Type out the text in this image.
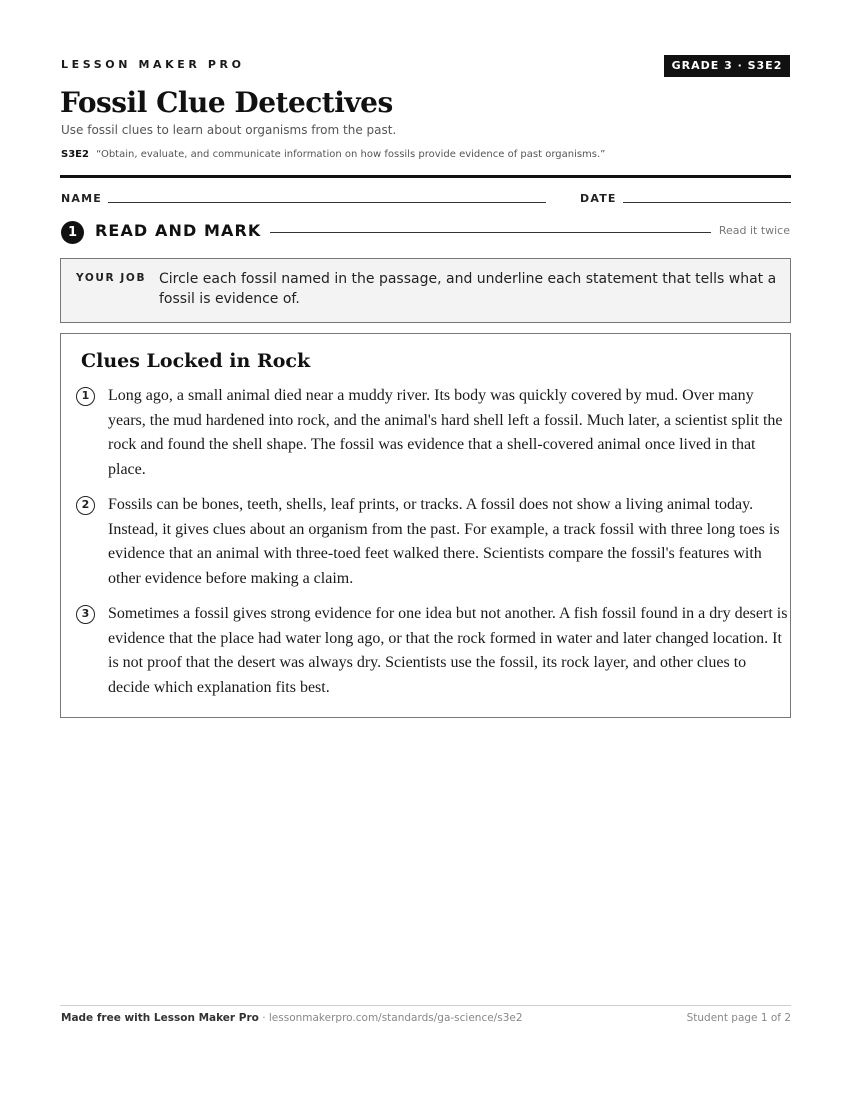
LESSON MAKER PRO	GRADE 3 · S3E2
Fossil Clue Detectives
Use fossil clues to learn about organisms from the past.
S3E2 “Obtain, evaluate, and communicate information on how fossils provide evidence of past organisms.”
NAME	DATE
1	READ AND MARK	Read it twice
YOUR JOB Circle each fossil named in the passage, and underline each statement that tells what a fossil is evidence of.
Clues Locked in Rock
1	Long ago, a small animal died near a muddy river. Its body was quickly covered by mud. Over many years, the mud hardened into rock, and the animal's hard shell left a fossil. Much later, a scientist split the rock and found the shell shape. The fossil was evidence that a shell-covered animal once lived in that place.

2	Fossils can be bones, teeth, shells, leaf prints, or tracks. A fossil does not show a living animal today. Instead, it gives clues about an organism from the past. For example, a track fossil with three long toes is evidence that an animal with three-toed feet walked there. Scientists compare the fossil's features with other evidence before making a claim.

3	Sometimes a fossil gives strong evidence for one idea but not another. A fish fossil found in a dry desert is evidence that the place had water long ago, or that the rock formed in water and later changed location. It is not proof that the desert was always dry. Scientists use the fossil, its rock layer, and other clues to decide which explanation fits best.

Made free with Lesson Maker Pro · lessonmakerpro.com/standards/ga-science/s3e2	Student page 1 of 2
